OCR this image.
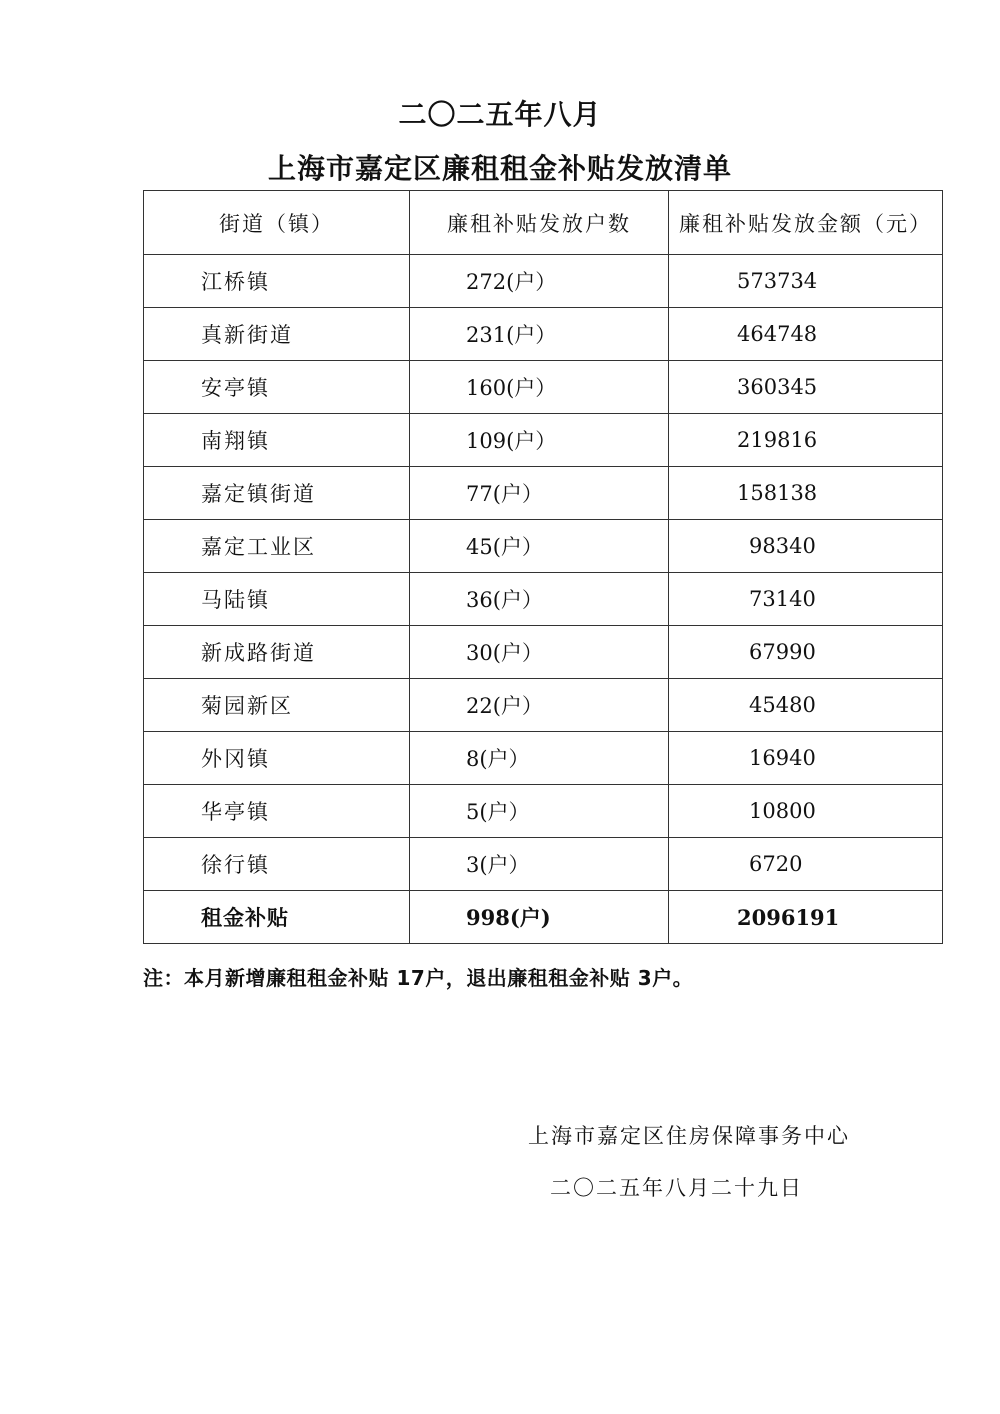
二〇二五年八月
上海市嘉定区廉租租金补贴发放清单
街道（镇）	廉租补贴发放户数	廉租补贴发放金额（元）
江桥镇	272(户）	573734
真新街道	231(户）	464748
安亭镇	160(户）	360345
南翔镇	109(户）	219816
嘉定镇街道	77(户）	158138
嘉定工业区	45(户）	98340
马陆镇	36(户）	73140
新成路街道	30(户）	67990
菊园新区	22(户）	45480
外冈镇	8(户）	16940
华亭镇	5(户）	10800
徐行镇	3(户）	6720
租金补贴	998(户)	2096191

注：本月新增廉租租金补贴 17户，退出廉租租金补贴 3户。

上海市嘉定区住房保障事务中心

二〇二五年八月二十九日
